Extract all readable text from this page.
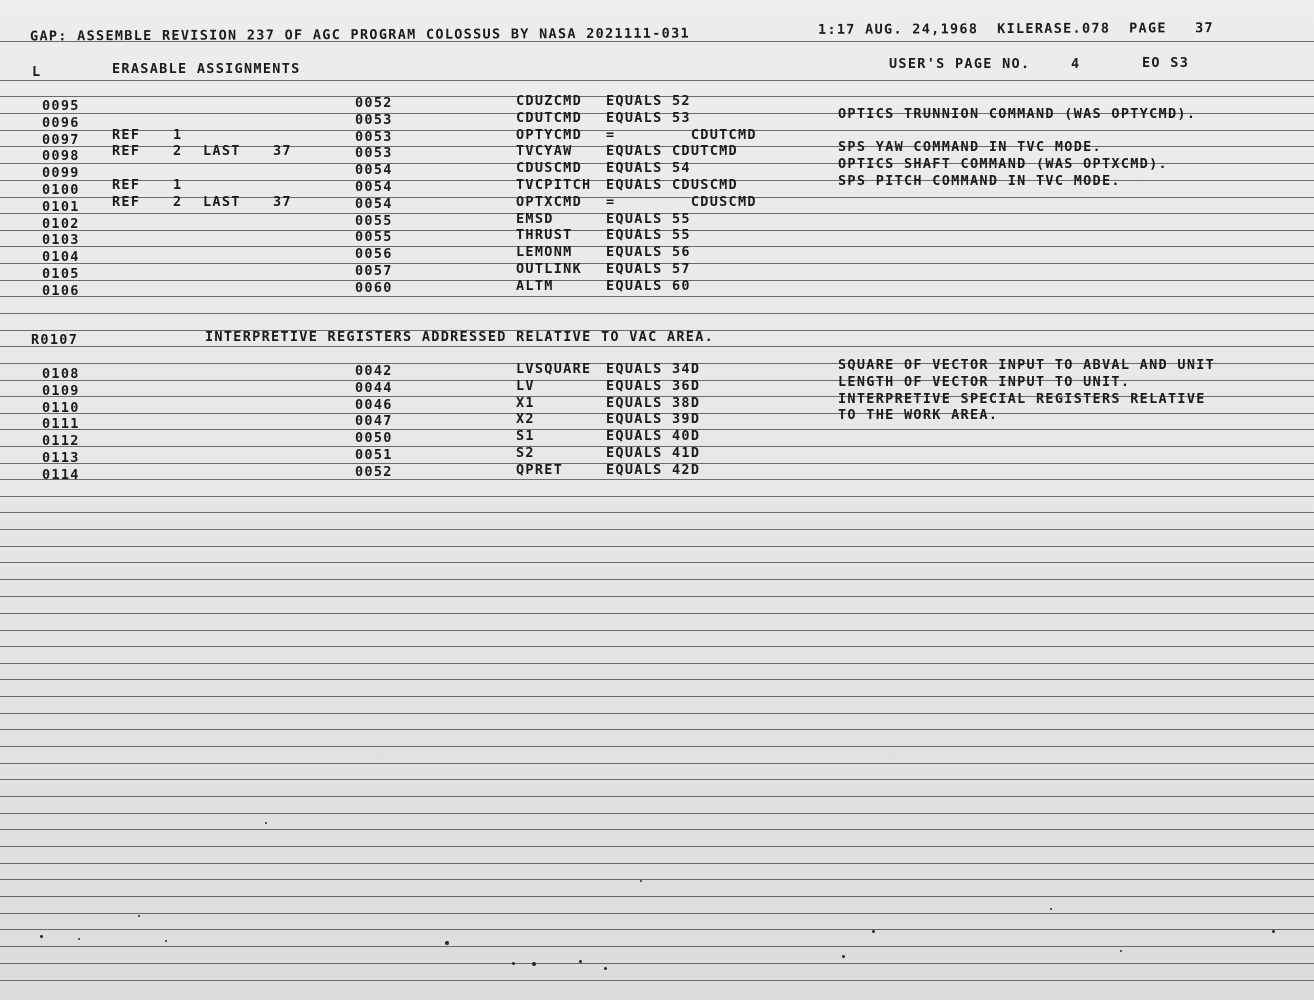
GAP: ASSEMBLE REVISION 237 OF AGC PROGRAM COLOSSUS BY NASA 2021111-031	1:17 AUG. 24,1968  KILERASE.078  PAGE   37
L	ERASABLE ASSIGNMENTS	USER'S PAGE NO.	4	EO S3
0095	0052	CDUZCMD EQUALS 52
0096	0053	CDUTCMD EQUALS 53	OPTICS TRUNNION COMMAND (WAS OPTYCMD).
0097 REF 1	0053	OPTYCMD =        CDUTCMD
0098 REF 2 LAST 37	0053	TVCYAW EQUALS CDUTCMD	SPS YAW COMMAND IN TVC MODE.
0099	0054	CDUSCMD EQUALS 54	OPTICS SHAFT COMMAND (WAS OPTXCMD).
0100 REF 1	0054	TVCPITCH EQUALS CDUSCMD	SPS PITCH COMMAND IN TVC MODE.
0101 REF 2 LAST 37	0054	OPTXCMD =        CDUSCMD
0102	0055	EMSD	EQUALS 55
0103	0055	THRUST EQUALS 55
0104	0056	LEMONM EQUALS 56
0105	0057	OUTLINK EQUALS 57
0106	0060	ALTM	EQUALS 60
R0107	INTERPRETIVE REGISTERS ADDRESSED RELATIVE TO VAC AREA.
0108	0042	LVSQUARE EQUALS 34D	SQUARE OF VECTOR INPUT TO ABVAL AND UNIT
0109	0044	LV	EQUALS 36D	LENGTH OF VECTOR INPUT TO UNIT.
0110	0046	X1	EQUALS 38D	INTERPRETIVE SPECIAL REGISTERS RELATIVE
0111	0047	X2	EQUALS 39D	TO THE WORK AREA.
0112	0050	S1	EQUALS 40D
0113	0051	S2	EQUALS 41D
0114	0052	QPRET	EQUALS 42D
